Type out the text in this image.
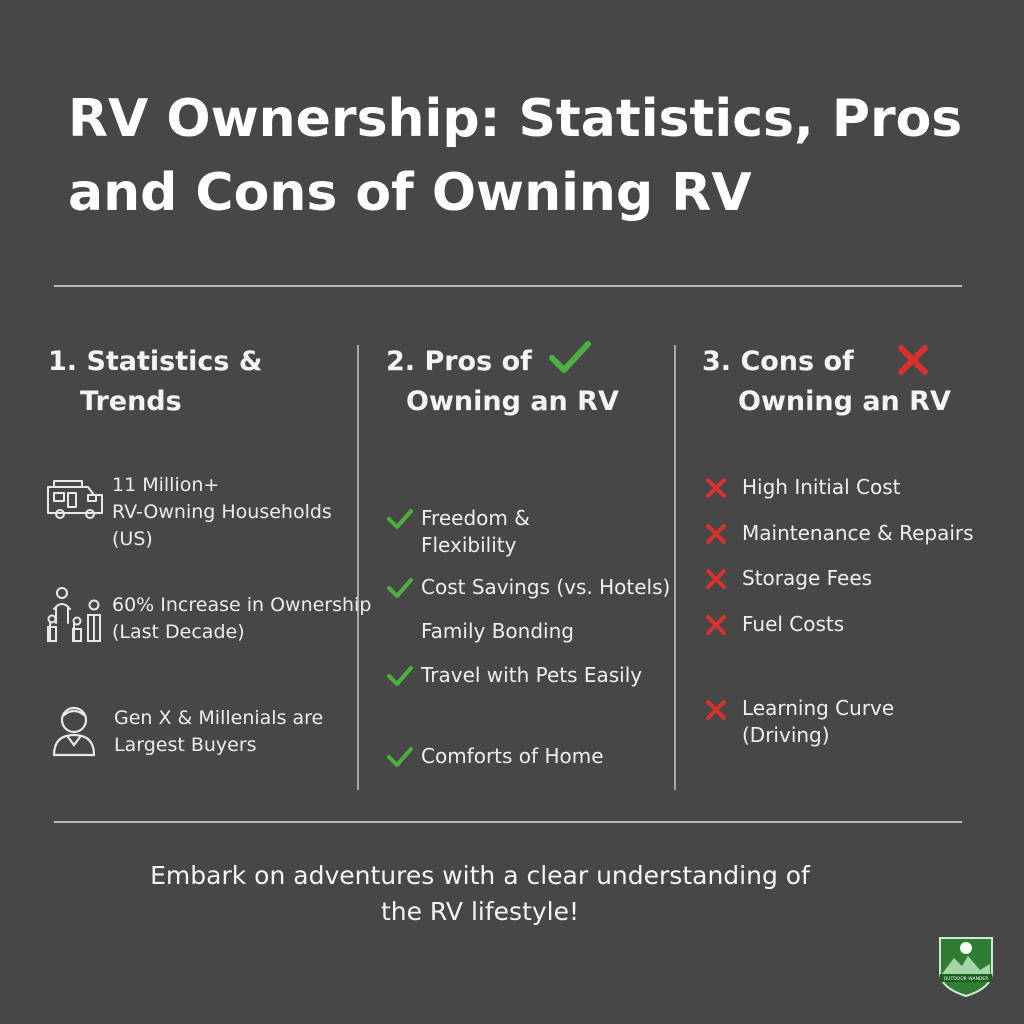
RV Ownership: Statistics, Pros
and Cons of Owning RV
1. Statistics &
Trends
2. Pros of
Owning an RV
3. Cons of
Owning an RV
11 Million+
RV-Owning Households
(US)
60% Increase in Ownership
(Last Decade)
Gen X & Millenials are
Largest Buyers
Freedom &
Flexibility
Cost Savings (vs. Hotels)
Family Bonding
Travel with Pets Easily
Comforts of Home
High Initial Cost
Maintenance & Repairs
Storage Fees
Fuel Costs
Learning Curve
(Driving)
Embark on adventures with a clear understanding of
the RV lifestyle!
OUTDOOR WANDER
